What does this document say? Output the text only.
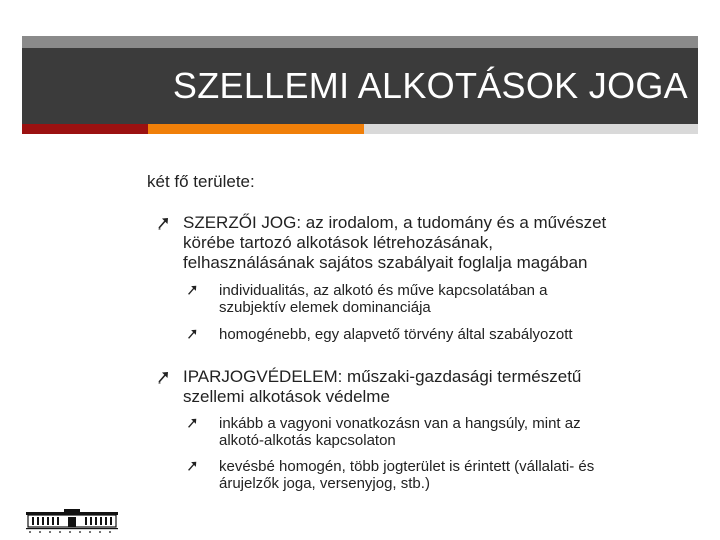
SZELLEMI ALKOTÁSOK JOGA
két fő területe:
SZERZŐI JOG: az irodalom, a tudomány és a művészet
körébe tartozó alkotások létrehozásának,
felhasználásának sajátos szabályait foglalja magában
individualitás, az alkotó és műve kapcsolatában a
szubjektív elemek dominanciája
homogénebb, egy alapvető törvény által szabályozott
IPARJOGVÉDELEM: műszaki-gazdasági természetű
szellemi alkotások védelme
inkább a vagyoni vonatkozásn van a hangsúly, mint az
alkotó-alkotás kapcsolaton
kevésbé homogén, több jogterület is érintett (vállalati- és
árujelzők joga, versenyjog, stb.)
